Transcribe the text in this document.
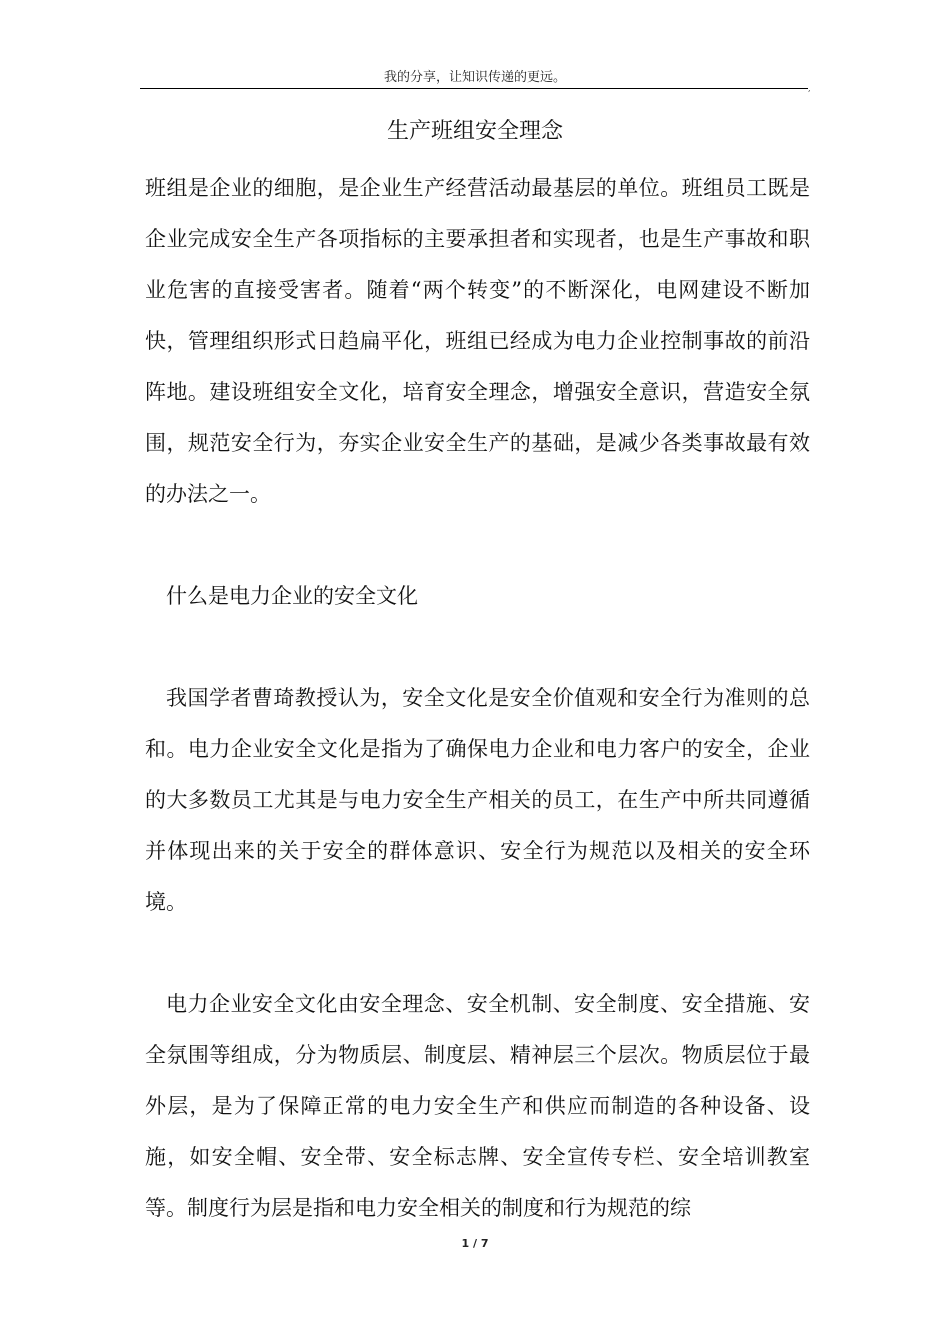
我的分享，让知识传递的更远。
,
生产班组安全理念

班组是企业的细胞，是企业生产经营活动最基层的单位。班组员工既是企业完成安全生产各项指标的主要承担者和实现者，也是生产事故和职业危害的直接受害者。随着“两个转变”的不断深化，电网建设不断加快，管理组织形式日趋扁平化，班组已经成为电力企业控制事故的前沿阵地。建设班组安全文化，培育安全理念，增强安全意识，营造安全氛围，规范安全行为，夯实企业安全生产的基础，是减少各类事故最有效的办法之一。

什么是电力企业的安全文化

我国学者曹琦教授认为，安全文化是安全价值观和安全行为准则的总和。电力企业安全文化是指为了确保电力企业和电力客户的安全，企业的大多数员工尤其是与电力安全生产相关的员工，在生产中所共同遵循并体现出来的关于安全的群体意识、安全行为规范以及相关的安全环境。

电力企业安全文化由安全理念、安全机制、安全制度、安全措施、安全氛围等组成，分为物质层、制度层、精神层三个层次。物质层位于最外层，是为了保障正常的电力安全生产和供应而制造的各种设备、设施，如安全帽、安全带、安全标志牌、安全宣传专栏、安全培训教室等。制度行为层是指和电力安全相关的制度和行为规范的综

1 / 7
